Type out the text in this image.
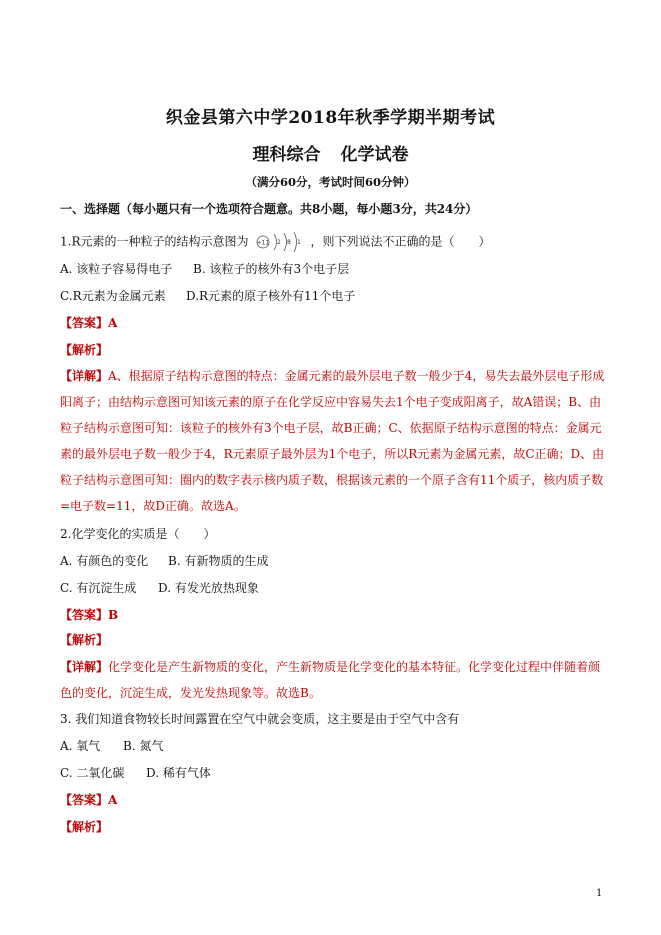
织金县第六中学2018年秋季学期半期考试
理科综合 化学试卷
（满分60分，考试时间60分钟）
一、选择题（每小题只有一个选项符合题意。共8小题，每小题3分，共24分）
1.R元素的一种粒子的结构示意图为 +11 2 8 1 ，则下列说法不正确的是（　　）
A. 该粒子容易得电子 B. 该粒子的核外有3个电子层
C.R元素为金属元素 D.R元素的原子核外有11个电子
【答案】A
【解析】
【详解】A、根据原子结构示意图的特点：金属元素的最外层电子数一般少于4，易失去最外层电子形成阳离子；由结构示意图可知该元素的原子在化学反应中容易失去1个电子变成阳离子，故A错误；B、由粒子结构示意图可知：该粒子的核外有3个电子层，故B正确；C、依据原子结构示意图的特点：金属元素的最外层电子数一般少于4，R元素原子最外层为1个电子，所以R元素为金属元素，故C正确；D、由粒子结构示意图可知：圈内的数字表示核内质子数，根据该元素的一个原子含有11个质子，核内质子数=电子数=11，故D正确。故选A。
2.化学变化的实质是（　　）
A. 有颜色的变化 B. 有新物质的生成
C. 有沉淀生成 D. 有发光放热现象
【答案】B
【解析】
【详解】化学变化是产生新物质的变化，产生新物质是化学变化的基本特征。化学变化过程中伴随着颜色的变化，沉淀生成，发光发热现象等。故选B。
3. 我们知道食物较长时间露置在空气中就会变质，这主要是由于空气中含有
A. 氧气 B. 氮气
C. 二氧化碳 D. 稀有气体
【答案】A
【解析】
1
